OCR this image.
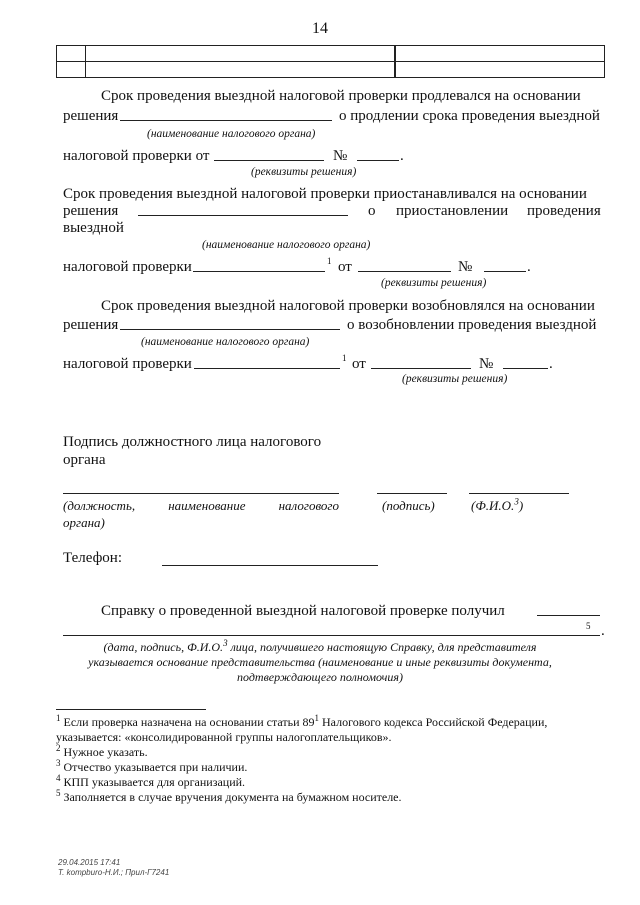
14

Срок проведения выездной налоговой проверки продлевался на основании
решения	о продлении срока проведения выездной
(наименование налогового органа)
налоговой проверки от	№	.
(реквизиты решения)
Срок проведения выездной налоговой проверки приостанавливался на основании
решения	о приостановлении проведения
выездной
(наименование налогового органа)
налоговой проверки	1 от	№	.
(реквизиты решения)
Срок проведения выездной налоговой проверки возобновлялся на основании
решения	о возобновлении проведения выездной
(наименование налогового органа)
налоговой проверки	1 от	№	.
(реквизиты решения)
Подпись должностного лица налогового
органа
(должность,	наименование	налогового
органа)
(подпись)	(Ф.И.О.$^3$)
Телефон:
Справку о проведенной выездной налоговой проверке получил
5 .
(дата, подпись, Ф.И.О.$^3$ лица, получившего настоящую Справку, для представителя
указывается основание представительства (наименование и иные реквизиты документа,
подтверждающего полномочия)
$^1$ Если проверка назначена на основании статьи $89^1$ Налогового кодекса Российской Федерации,
указывается: «консолидированной группы налогоплательщиков».
$^2$ Нужное указать.
$^3$ Отчество указывается при наличии.
$^4$ КПП указывается для организаций.
$^5$ Заполняется в случае вручения документа на бумажном носителе.
29.04.2015 17:41
Т. kompburo-Н.И.; Прил-Г7241
